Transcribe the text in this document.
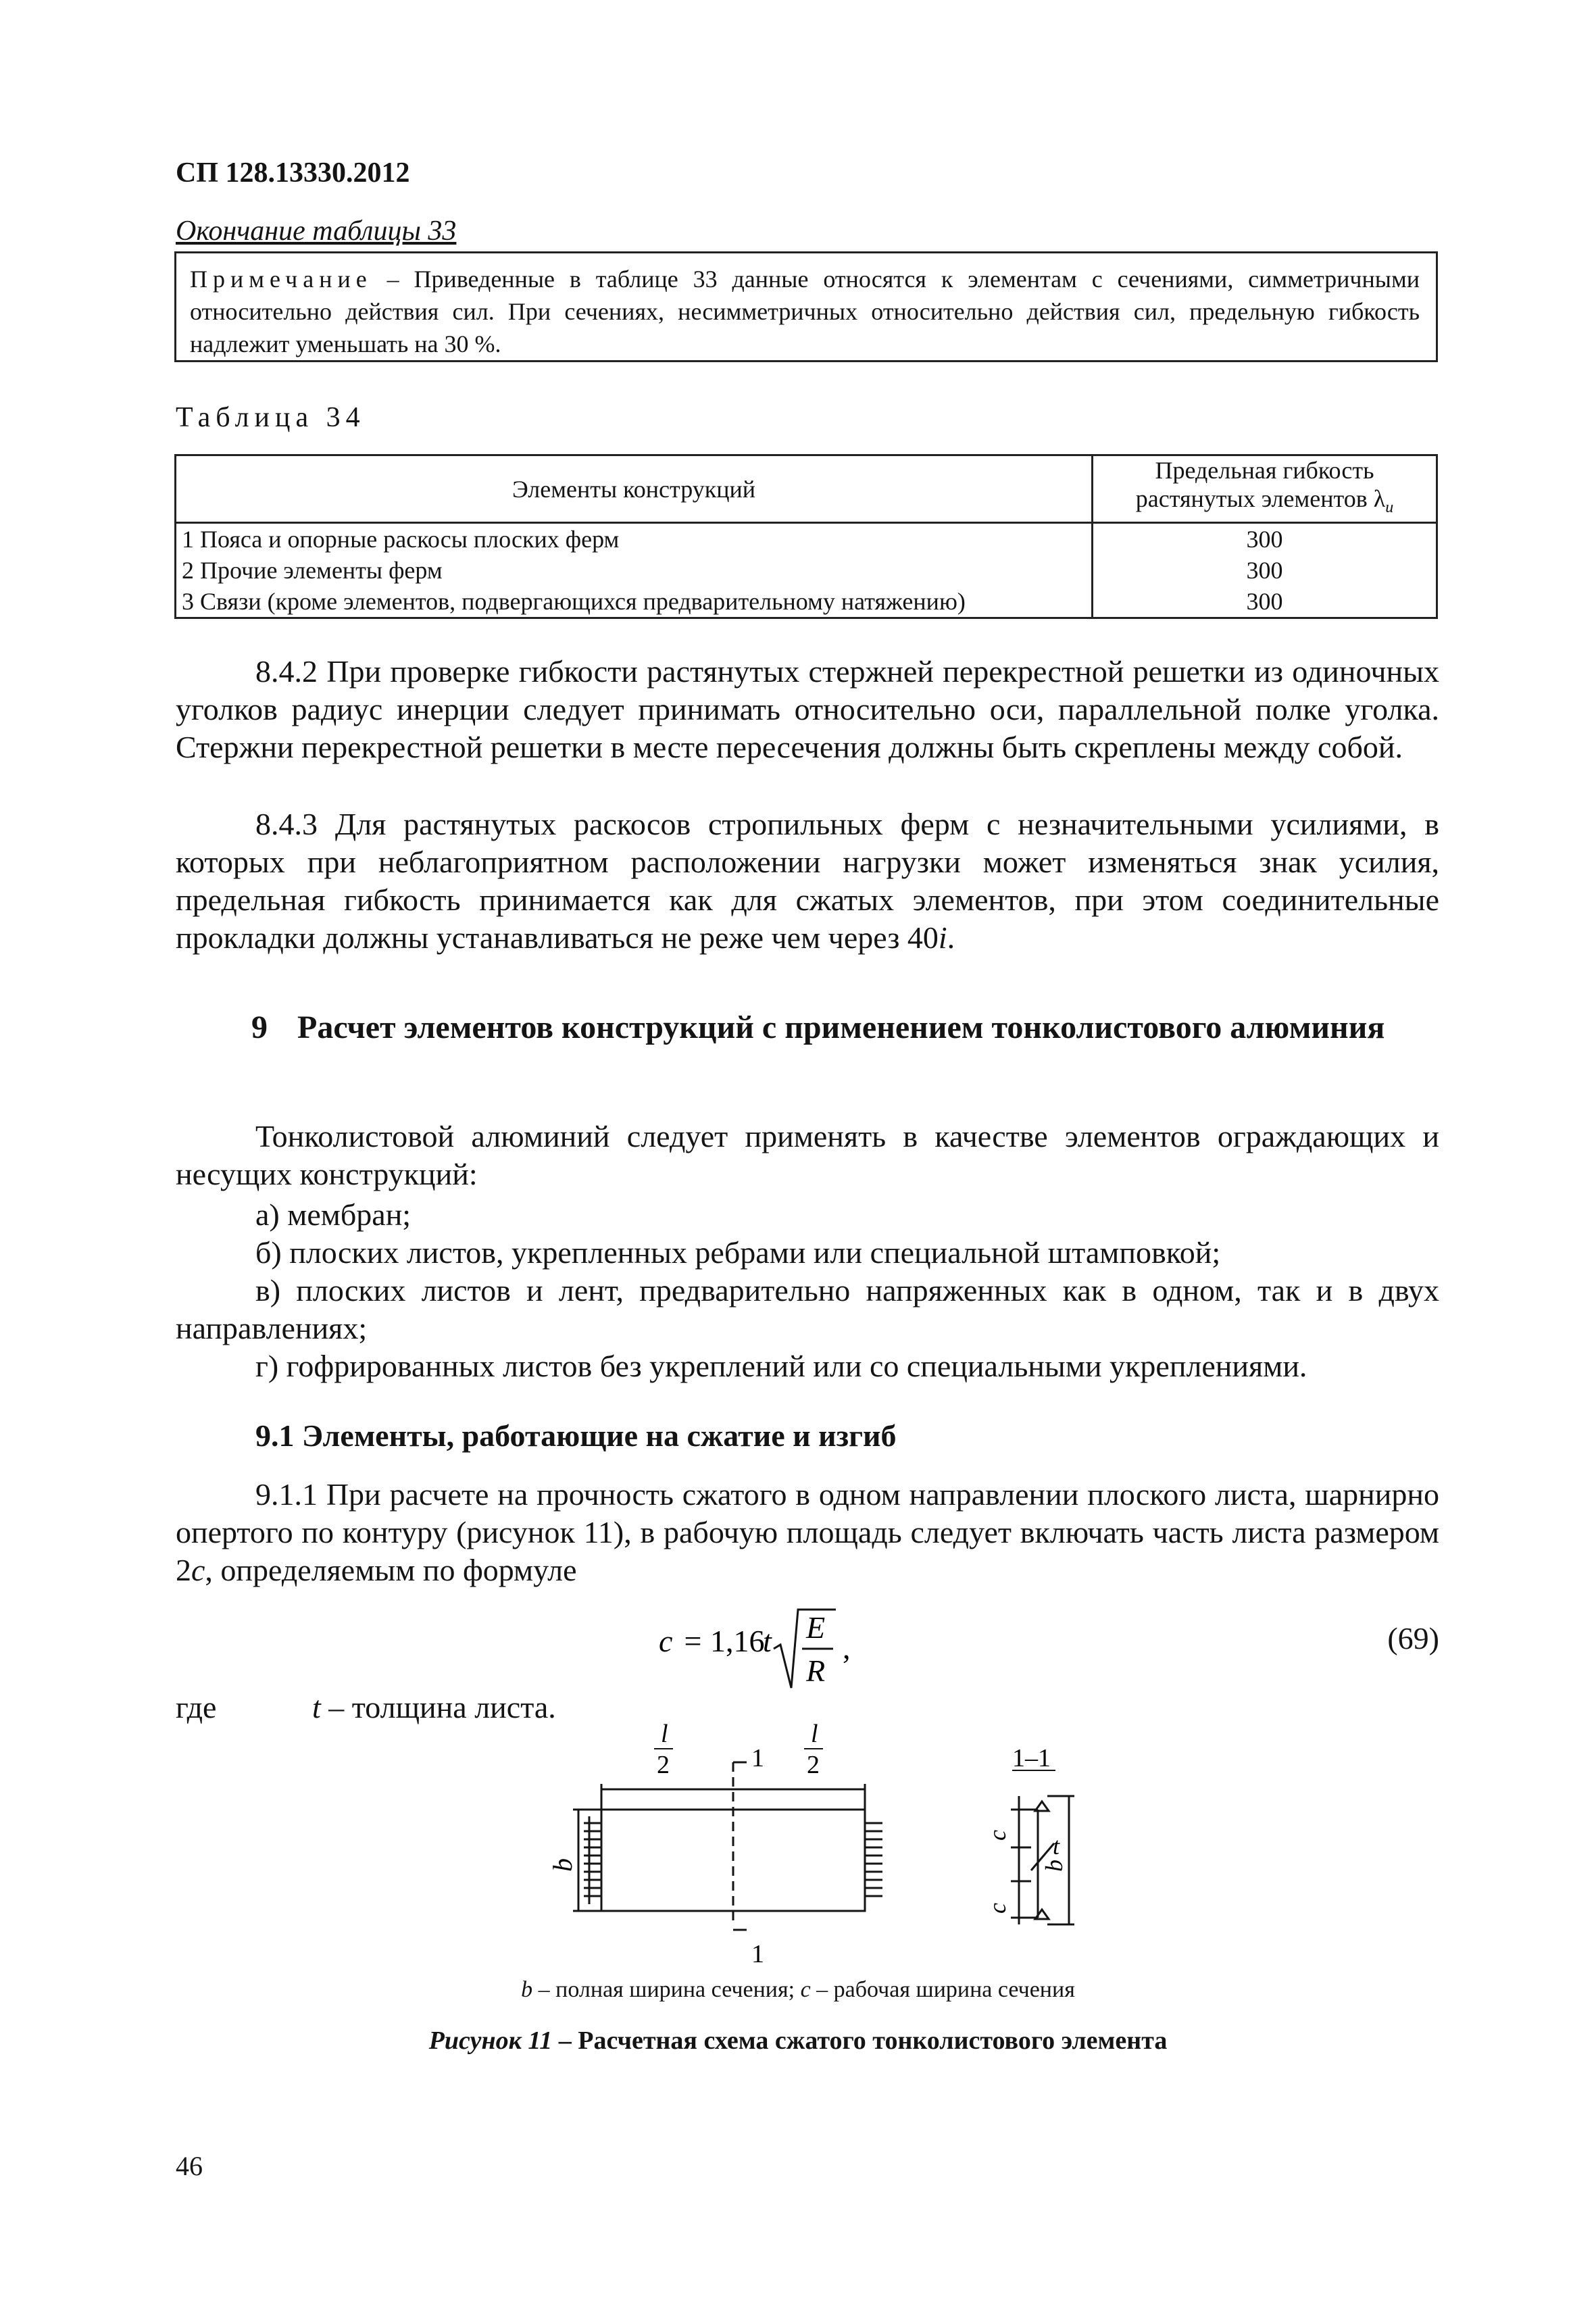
СП 128.13330.2012
Окончание таблицы 33
Примечание – Приведенные в таблице 33 данные относятся к элементам с сечениями, симметричными относительно действия сил. При сечениях, несимметричных относительно действия сил, предельную гибкость надлежит уменьшать на 30 %.
Таблица 34
Элементы конструкций	Предельная гибкость растянутых элементов $\lambda_и$
1 Пояса и опорные раскосы плоских ферм	300
2 Прочие элементы ферм	300
3 Связи (кроме элементов, подвергающихся предварительному натяжению)	300
8.4.2 При проверке гибкости растянутых стержней перекрестной решетки из одиночных уголков радиус инерции следует принимать относительно оси, параллельной полке уголка. Стержни перекрестной решетки в месте пересечения должны быть скреплены между собой.
8.4.3 Для растянутых раскосов стропильных ферм с незначительными усилиями, в которых при неблагоприятном расположении нагрузки может изменяться знак усилия, предельная гибкость принимается как для сжатых элементов, при этом соединительные прокладки должны устанавливаться не реже чем через 40i.
9 Расчет элементов конструкций с применением тонколистового алюминия
Тонколистовой алюминий следует применять в качестве элементов ограждающих и несущих конструкций:
а) мембран;
б) плоских листов, укрепленных ребрами или специальной штамповкой;
в) плоских листов и лент, предварительно напряженных как в одном, так и в двух направлениях;
г) гофрированных листов без укреплений или со специальными укреплениями.
9.1 Элементы, работающие на сжатие и изгиб
9.1.1 При расчете на прочность сжатого в одном направлении плоского листа, шарнирно опертого по контуру (рисунок 11), в рабочую площадь следует включать часть листа размером 2c, определяемым по формуле
c = 1,16
t E
R
,	(69)
где	t – толщина листа.
l
2
l
2
1
1
b
1–1
c
c
t
b
b – полная ширина сечения; c – рабочая ширина сечения
Рисунок 11 – Расчетная схема сжатого тонколистового элемента
46
